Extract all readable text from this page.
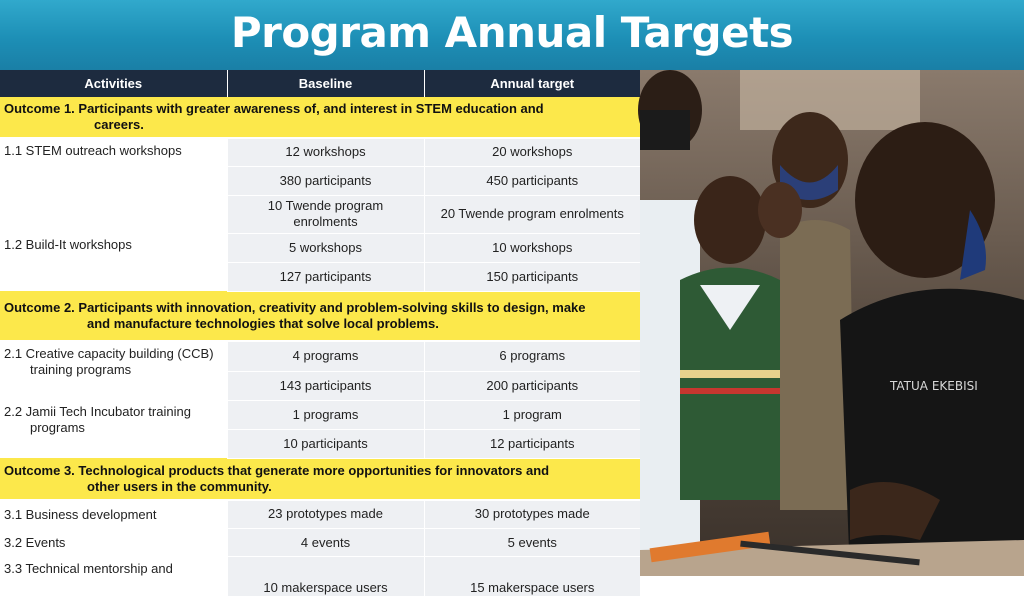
Program Annual Targets
Activities	Baseline	Annual target
Outcome 1. Participants with greater awareness of, and interest in STEM education and
careers.		

1.1 STEM outreach workshops	12 workshops	20 workshops
	380 participants	450 participants
	10 Twende program enrolments	20 Twende program enrolments
1.2 Build-It workshops	5 workshops	10 workshops
	127 participants	150 participants
Outcome 2. Participants with innovation, creativity and problem-solving skills to design, make
and manufacture technologies that solve local problems.		

2.1 Creative capacity building (CCB)
training programs	4 programs	6 programs
	143 participants	200 participants
2.2 Jamii Tech Incubator training
programs	1 programs	1 program
	10 participants	12 participants
Outcome 3. Technological products that generate more opportunities for innovators and
other users in the community.		

3.1 Business development	23 prototypes made	30 prototypes made
3.2 Events	4 events	5 events
3.3 Technical mentorship and	10 makerspace users	15 makerspace users
TATUA EKEBISI
